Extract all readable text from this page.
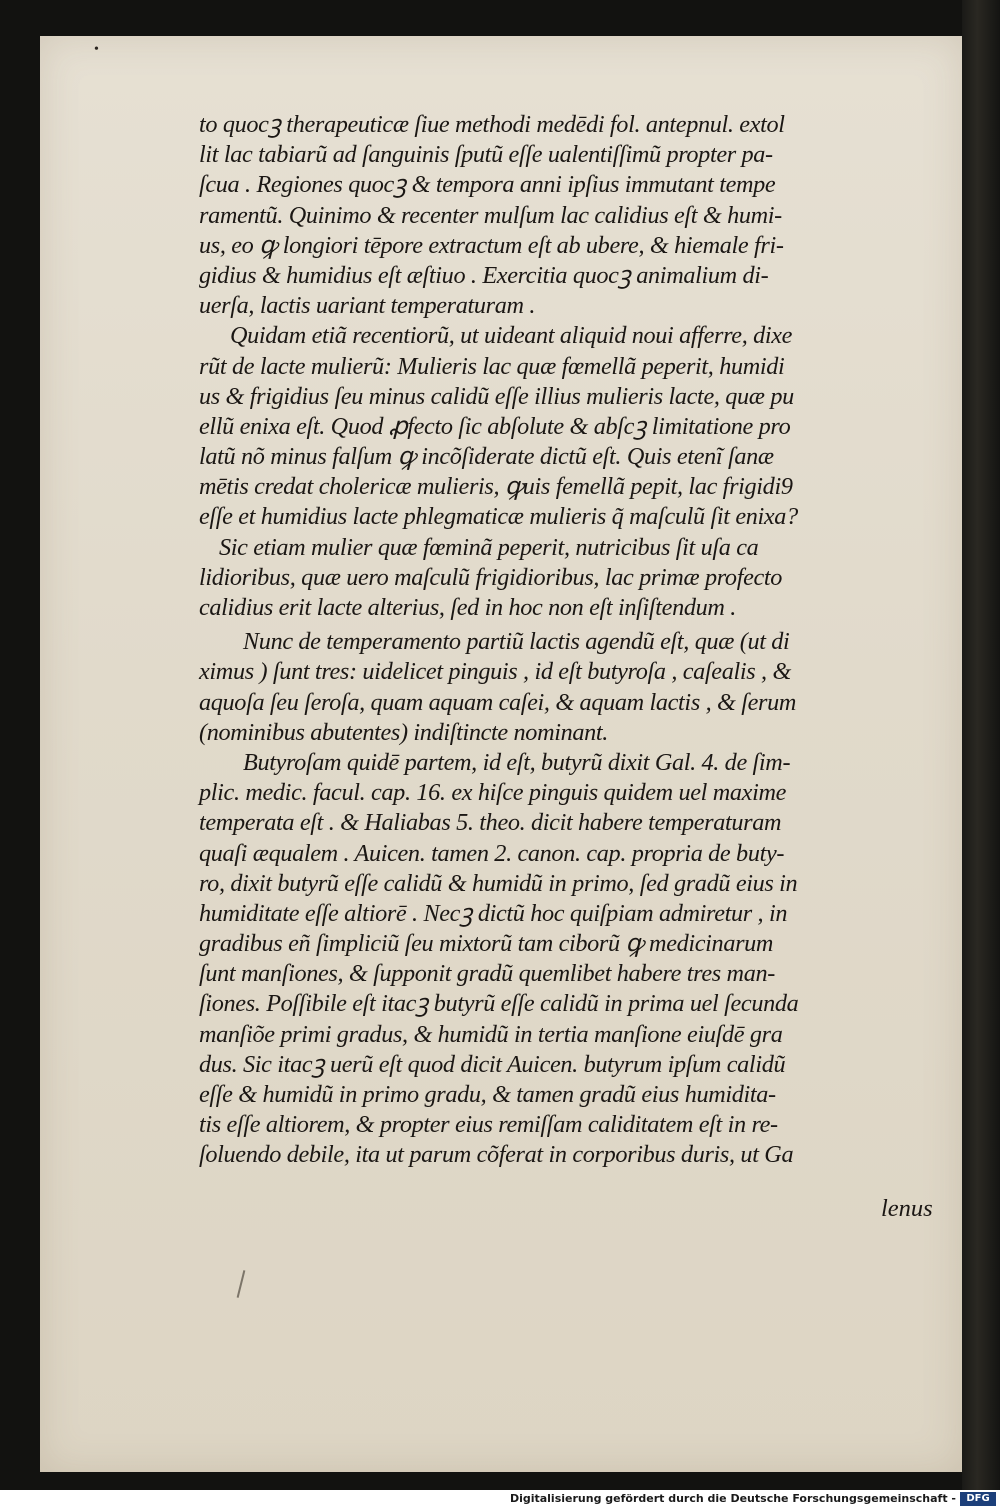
•
to quocꝫ therapeuticæ ſiue methodi medēdi fol. antepnul. extol
lit lac tabiarũ ad ſanguinis ſputũ eſſe ualentiſſimũ propter pa-
ſcua . Regiones quocꝫ & tempora anni ipſius immutant tempe
ramentũ. Quinimo & recenter mulſum lac calidius eſt & humi-
us, eo ꝙ longiori tēpore extractum eſt ab ubere, & hiemale fri-
gidius & humidius eſt æſtiuo . Exercitia quocꝫ animalium di-
uerſa, lactis uariant temperaturam .
Quidam etiã recentiorũ, ut uideant aliquid noui afferre, dixe
rũt de lacte mulierũ: Mulieris lac quæ fœmellã peperit, humidi
us & frigidius ſeu minus calidũ eſſe illius mulieris lacte, quæ pu
ellũ enixa eſt. Quod ꝓfecto ſic abſolute & abſcꝫ limitatione pro
latũ nõ minus falſum ꝙ incõſiderate dictũ eſt. Quis etenĩ ſanæ
mētis credat cholericæ mulieris, ꝙuis femellã pepit, lac frigidi9
eſſe et humidius lacte phlegmaticæ mulieris q̃ maſculũ ſit enixa?
Sic etiam mulier quæ fœminã peperit, nutricibus ſit uſa ca
lidioribus, quæ uero maſculũ frigidioribus, lac primæ profecto
calidius erit lacte alterius, ſed in hoc non eſt inſiſtendum .
Nunc de temperamento partiũ lactis agendũ eſt, quæ (ut di
ximus ) ſunt tres: uidelicet pinguis , id eſt butyroſa , caſealis , &
aquoſa ſeu ſeroſa, quam aquam caſei, & aquam lactis , & ſerum
(nominibus abutentes) indiſtincte nominant.
Butyroſam quidē partem, id eſt, butyrũ dixit Gal. 4. de ſim-
plic. medic. facul. cap. 16. ex hiſce pinguis quidem uel maxime
temperata eſt . & Haliabas 5. theo. dicit habere temperaturam
quaſi æqualem . Auicen. tamen 2. canon. cap. propria de buty-
ro, dixit butyrũ eſſe calidũ & humidũ in primo, ſed gradũ eius in
humiditate eſſe altiorē . Necꝫ dictũ hoc quiſpiam admiretur , in
gradibus eñ ſimpliciũ ſeu mixtorũ tam ciborũ ꝙ medicinarum
ſunt manſiones, & ſupponit gradũ quemlibet habere tres man-
ſiones. Poſſibile eſt itacꝫ butyrũ eſſe calidũ in prima uel ſecunda
manſiõe primi gradus, & humidũ in tertia manſione eiuſdē gra
dus. Sic itacꝫ uerũ eſt quod dicit Auicen. butyrum ipſum calidũ
eſſe & humidũ in primo gradu, & tamen gradũ eius humidita-
tis eſſe altiorem, & propter eius remiſſam caliditatem eſt in re-
ſoluendo debile, ita ut parum cõferat in corporibus duris, ut Ga
lenus
Digitalisierung gefördert durch die Deutsche Forschungsgemeinschaft -	DFG
